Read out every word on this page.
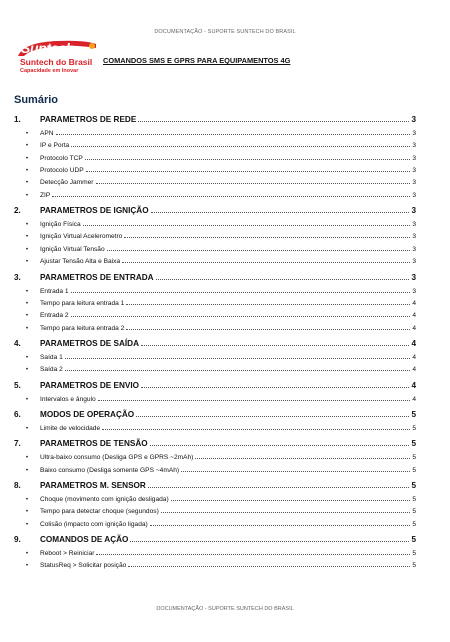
DOCUMENTAÇÃO - SUPORTE SUNTECH DO BRASIL
Suntech
Suntech do Brasil
Capacidade em Inovar
COMANDOS SMS E GPRS PARA EQUIPAMENTOS 4G
Sumário
1.	PARAMETROS DE REDE	3
•	APN	3
•	IP e Porta	3
•	Protocolo TCP	3
•	Protocolo UDP	3
•	Detecção Jammer	3
•	ZIP	3
2.	PARAMETROS DE IGNIÇÃO	3
•	Ignição Física	3
•	Ignição Virtual Acelerometro	3
•	Ignição Virtual Tensão	3
•	Ajustar Tensão Alta e Baixa	3
3.	PARAMETROS DE ENTRADA	3
•	Entrada 1	3
•	Tempo para leitura entrada 1	4
•	Entrada 2	4
•	Tempo para leitura entrada 2	4
4.	PARAMETROS DE SAÍDA	4
•	Saída 1	4
•	Saída 2	4
5.	PARAMETROS DE ENVIO	4
•	Intervalos e ângulo	4
6.	MODOS DE OPERAÇÃO	5
•	Limite de velocidade	5
7.	PARAMETROS DE TENSÃO	5
•	Ultra-baixo consumo (Desliga GPS e GPRS ~2mAh)	5
•	Baixo consumo (Desliga somente GPS ~4mAh)	5
8.	PARAMETROS M. SENSOR	5
•	Choque (movimento com ignição desligada)	5
•	Tempo para detectar choque (segundos)	5
•	Colisão (impacto com ignição ligada)	5
9.	COMANDOS DE AÇÃO	5
•	Reboot > Reiniciar	5
•	StatusReq > Solicitar posição	5
DOCUMENTAÇÃO - SUPORTE SUNTECH DO BRASIL
